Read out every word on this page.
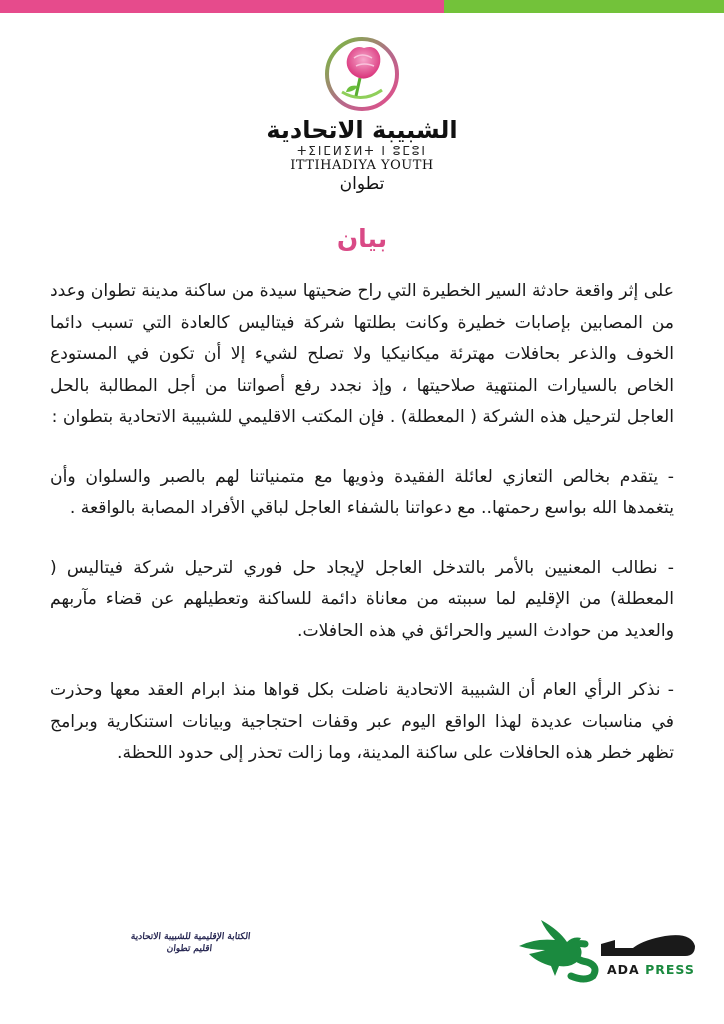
الشبيبة الاتحادية
ⵜⵉⵏⵎⵍⵉⵍⵜ ⵏ ⵓⵎⵓⵏ
ITTIHADIYA YOUTH
تطوان
بيان

على إثر واقعة حادثة السير الخطيرة التي راح ضحيتها سيدة من ساكنة مدينة تطوان وعدد من المصابين بإصابات خطيرة وكانت بطلتها شركة فيتاليس كالعادة التي تسبب دائما الخوف والذعر بحافلات مهترئة ميكانيكيا ولا تصلح لشيء إلا أن تكون في المستودع الخاص بالسيارات المنتهية صلاحيتها ، وإذ نجدد رفع أصواتنا من أجل المطالبة بالحل العاجل لترحيل هذه الشركة ( المعطلة) . فإن المكتب الاقليمي للشبيبة الاتحادية بتطوان :

- يتقدم بخالص التعازي لعائلة الفقيدة وذويها مع متمنياتنا لهم بالصبر والسلوان وأن يتغمدها الله بواسع رحمتها.. مع دعواتنا بالشفاء العاجل لباقي الأفراد المصابة بالواقعة .

- نطالب المعنيين بالأمر بالتدخل العاجل لإيجاد حل فوري لترحيل شركة فيتاليس ( المعطلة) من الإقليم لما سببته من معاناة دائمة للساكنة وتعطيلهم عن قضاء مآربهم والعديد من حوادث السير والحرائق في هذه الحافلات.

- نذكر الرأي العام أن الشبيبة الاتحادية ناضلت بكل قواها منذ ابرام العقد معها وحذرت في مناسبات عديدة لهذا الواقع اليوم عبر وقفات احتجاجية وبيانات استنكارية وبرامج تظهر خطر هذه الحافلات على ساكنة المدينة، وما زالت تحذر إلى حدود اللحظة.

الكتابة الإقليمية للشبيبة الاتحادية
اقليم تطوان
ADA PRESS
